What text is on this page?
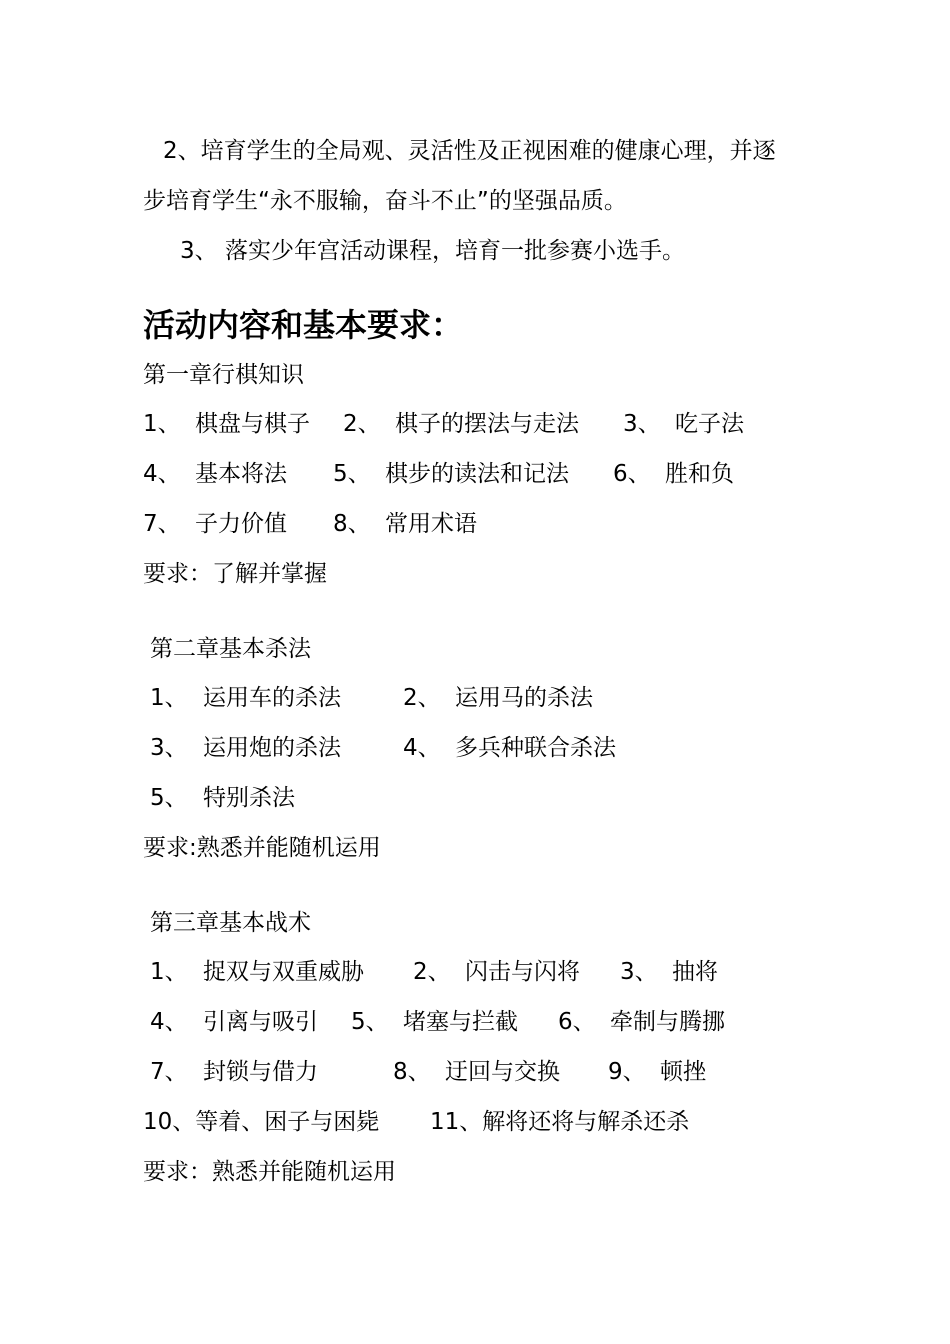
2、培育学生的全局观、灵活性及正视困难的健康心理，并逐
步培育学生“永不服输，奋斗不止”的坚强品质。
3、 落实少年宫活动课程，培育一批参赛小选手。
活动内容和基本要求：
第一章行棋知识
1、 棋盘与棋子 2、 棋子的摆法与走法 3、 吃子法
4、 基本将法 5、 棋步的读法和记法 6、 胜和负
7、 子力价值 8、 常用术语
要求：了解并掌握
第二章基本杀法
1、 运用车的杀法	2、 运用马的杀法
3、 运用炮的杀法	4、 多兵种联合杀法
5、 特别杀法
要求:熟悉并能随机运用
第三章基本战术
1、 捉双与双重威胁 2、 闪击与闪将 3、 抽将
4、 引离与吸引 5、 堵塞与拦截 6、 牵制与腾挪
7、 封锁与借力	8、 迂回与交换 9、 顿挫
10、等着、困子与困毙 11、解将还将与解杀还杀
要求：熟悉并能随机运用
